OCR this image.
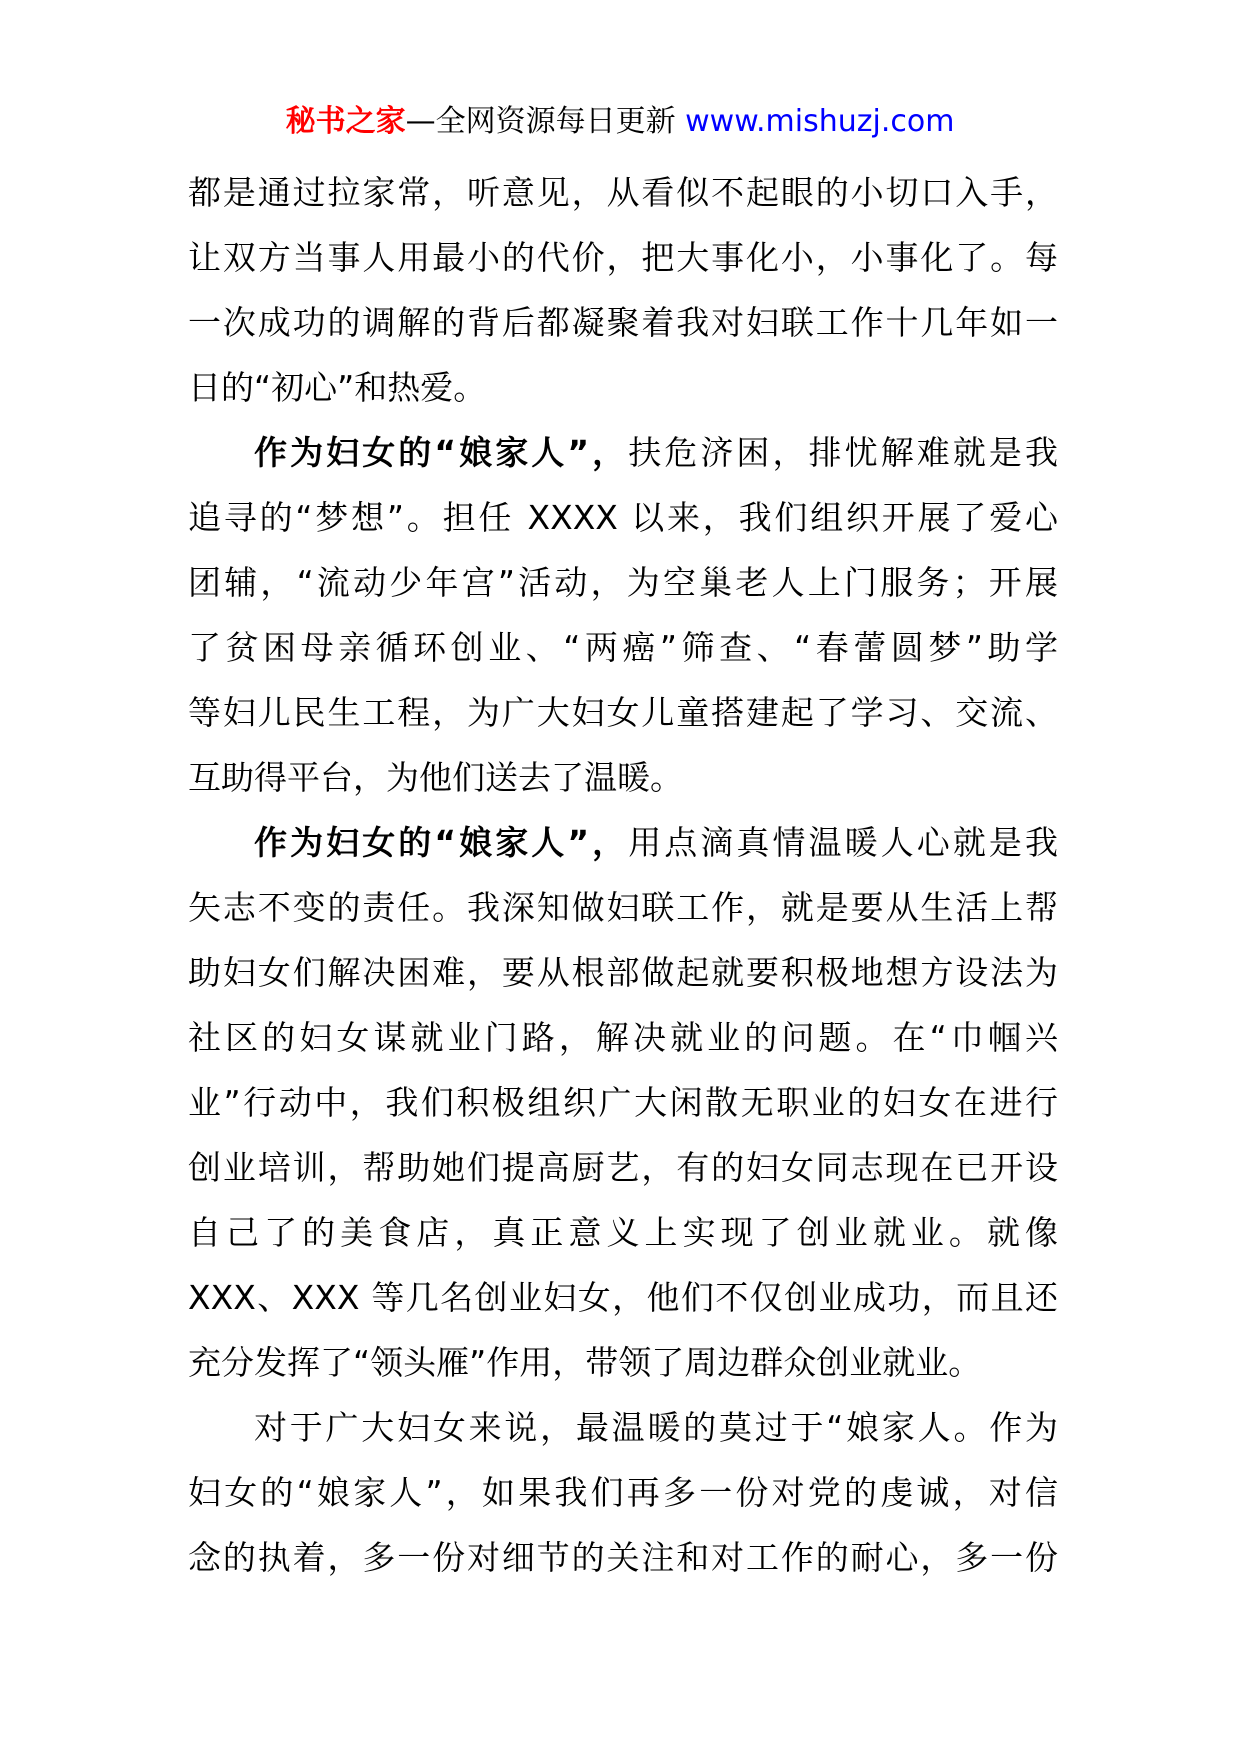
秘书之家—全网资源每日更新 www.mishuzj.com
都是通过拉家常，听意见，从看似不起眼的小切口入手，
让双方当事人用最小的代价，把大事化小，小事化了。每
一次成功的调解的背后都凝聚着我对妇联工作十几年如一
日的“初心”和热爱。
作为妇女的“娘家人”，扶危济困，排忧解难就是我
追寻的“梦想”。担任 XXXX 以来，我们组织开展了爱心
团辅，“流动少年宫”活动，为空巢老人上门服务；开展
了贫困母亲循环创业、“两癌”筛查、“春蕾圆梦”助学
等妇儿民生工程，为广大妇女儿童搭建起了学习、交流、
互助得平台，为他们送去了温暖。
作为妇女的“娘家人”，用点滴真情温暖人心就是我
矢志不变的责任。我深知做妇联工作，就是要从生活上帮
助妇女们解决困难，要从根部做起就要积极地想方设法为
社区的妇女谋就业门路，解决就业的问题。在“巾帼兴
业”行动中，我们积极组织广大闲散无职业的妇女在进行
创业培训，帮助她们提高厨艺，有的妇女同志现在已开设
自己了的美食店，真正意义上实现了创业就业。就像
XXX、XXX 等几名创业妇女，他们不仅创业成功，而且还
充分发挥了“领头雁”作用，带领了周边群众创业就业。
对于广大妇女来说，最温暖的莫过于“娘家人。作为
妇女的“娘家人”，如果我们再多一份对党的虔诚，对信
念的执着，多一份对细节的关注和对工作的耐心，多一份
